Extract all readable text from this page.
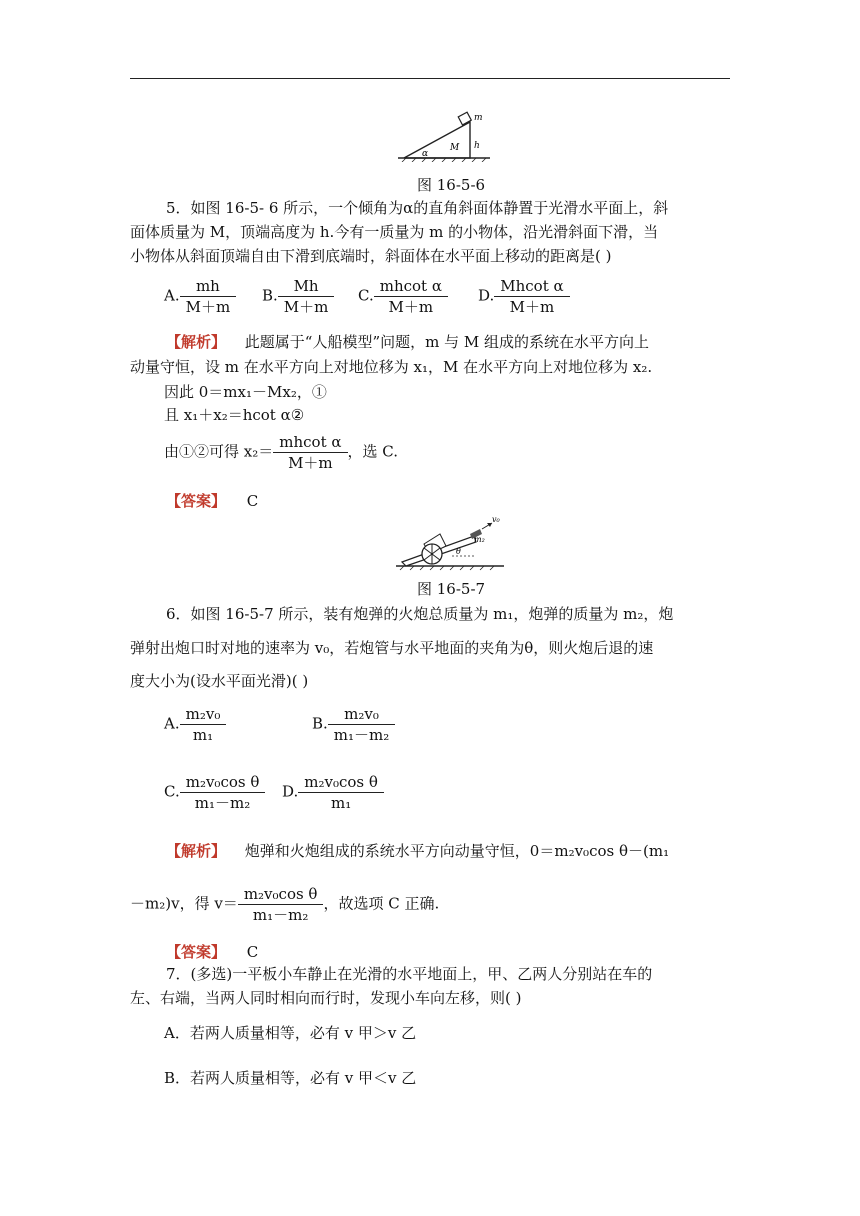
m
M h
α
图 16-5-6
5．如图 16-5- 6 所示，一个倾角为α的直角斜面体静置于光滑水平面上，斜
面体质量为 M，顶端高度为 h.今有一质量为 m 的小物体，沿光滑斜面下滑，当
小物体从斜面顶端自由下滑到底端时，斜面体在水平面上移动的距离是( )
A. $\frac{mh}{M+m} B$. $\frac{Mh}{M+m} C$. $\frac{\text{mhcot α}}{M+m} D$. $\frac{\text{Mhcot α}}{M+m}$
【解析】 此题属于“人船模型”问题，m 与 M 组成的系统在水平方向上
动量守恒，设 m 在水平方向上对地位移为 x₁，M 在水平方向上对地位移为 x₂.
因此 0＝mx₁－Mx₂，①
且 x₁＋x₂＝hcot α②
由①②可得 $x_2= \frac{\text{mhcot α}}{M+m}$ ，选 C.
【答案】 C
v₀
m₂
θ
图 16-5-7
6．如图 16-5-7 所示，装有炮弹的火炮总质量为 m₁，炮弹的质量为 m₂，炮
弹射出炮口时对地的速率为 v₀，若炮管与水平地面的夹角为θ，则火炮后退的速
度大小为(设水平面光滑)( )
A. $\frac{\text{m₂v₀}}{\text{m₁}}$	B. $\frac{\text{m₂v₀}}{\text{m₁－m₂}}$
C. $\frac{\text{m₂v₀cos θ}}{\text{m₁－m₂}} D$. $\frac{\text{m₂v₀cos θ}}{\text{m₁}}$
【解析】 炮弹和火炮组成的系统水平方向动量守恒，0＝m₂v₀cos θ－(m₁
－m₂)v，得 $v= \frac{\text{m₂v₀cos θ}}{\text{m₁－m₂}}$ ，故选项 C 正确.
【答案】 C
7．(多选)一平板小车静止在光滑的水平地面上，甲、乙两人分别站在车的
左、右端，当两人同时相向而行时，发现小车向左移，则( )
A．若两人质量相等，必有 v 甲＞v 乙
B．若两人质量相等，必有 v 甲＜v 乙
